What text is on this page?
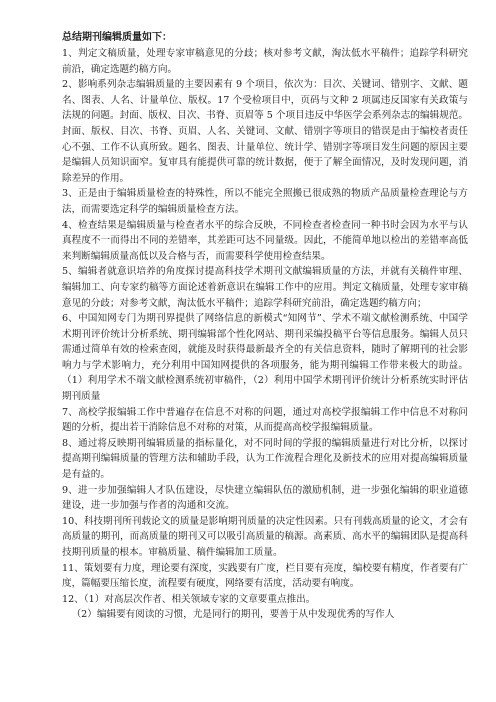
总结期刊编辑质量如下：

1、判定文稿质量，处理专家审稿意见的分歧；核对参考文献，淘汰低水平稿件；追踪学科研究前沿，确定选题约稿方向。

2、影响系列杂志编辑质量的主要因素有 9 个项目，依次为：目次、关键词、错别字、文献、题名、图表、人名、计量单位、版权。17 个受检项目中，页码与文种 2 项属违反国家有关政策与法规的问题。封面、版权、目次、书脊、页眉等 5 个项目违反中华医学会系列杂志的编辑规范。封面、版权、目次、书脊、页眉、人名、关键词、文献、错别字等项目的错误是由于编校者责任心不强、工作不认真所致。题名、图表、计量单位、统计学、错别字等项目发生问题的原因主要是编辑人员知识面窄。复审具有能提供可靠的统计数据，便于了解全面情况，及时发现问题，消除差异的作用。

3、正是由于编辑质量检查的特殊性，所以不能完全照搬已很成熟的物质产品质量检查理论与方法，而需要选定科学的编辑质量检查方法。

4、检查结果是编辑质量与检查者水平的综合反映，不同检查者检查同一种书时会因为水平与认真程度不一而得出不同的差错率，其差距可达不同量级。因此，不能简单地以检出的差错率高低来判断编辑质量高低以及合格与否，而需要科学使用检查结果。

5、编辑者就意识培养的角度探讨提高科技学术期刊文献编辑质量的方法，并就有关稿件审理、编辑加工、向专家约稿等方面论述着新意识在编辑工作中的应用。判定文稿质量，处理专家审稿意见的分歧；对参考文献，淘汰低水平稿件；追踪学科研究前沿，确定选题约稿方向；

6、中国知网专门为期刊界提供了网络信息的新模式“知网节”、学术不端文献检测系统、中国学术期刊评价统计分析系统、期刊编辑部个性化网站、期刊采编投稿平台等信息服务。编辑人员只需通过简单有效的检索查阅，就能及时获得最新最齐全的有关信息资料，随时了解期刊的社会影响力与学术影响力，充分利用中国知网提供的各项服务，能为期刊编辑工作带来极大的助益。（1）利用学术不端文献检测系统初审稿件，（2）利用中国学术期刊评价统计分析系统实时评估期刊质量

7、高校学报编辑工作中普遍存在信息不对称的问题，通过对高校学报编辑工作中信息不对称问题的分析，提出若干消除信息不对称的对策，从而提高高校学报编辑质量。

8、通过将反映期刊编辑质量的指标量化，对不同时间的学报的编辑质量进行对比分析，以探讨提高期刊编辑质量的管理方法和辅助手段，认为工作流程合理化及新技术的应用对提高编辑质量是有益的。

9、进一步加强编辑人才队伍建设，尽快建立编辑队伍的激励机制，进一步强化编辑的职业道德建设，进一步加强与作者的沟通和交流。

10、科技期刊所刊载论文的质量是影响期刊质量的决定性因素。只有刊载高质量的论文，才会有高质量的期刊，而高质量的期刊又可以吸引高质量的稿源。高素质、高水平的编辑团队是提高科技期刊质量的根本。审稿质量、稿件编辑加工质量。

11、策划要有力度，理论要有深度，实践要有广度，栏目要有亮度，编校要有精度，作者要有广度，篇幅要压缩长度，流程要有硬度，网络要有活度，活动要有响度。

12、（1）对高层次作者、相关领域专家的文章要重点推出。

（2）编辑要有阅读的习惯，尤是同行的期刊，要善于从中发现优秀的写作人
